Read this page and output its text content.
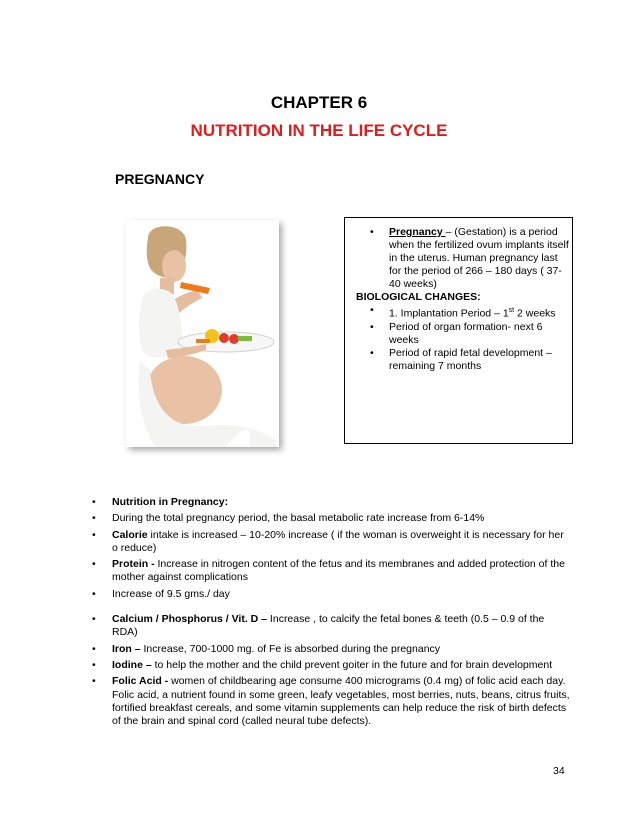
CHAPTER 6
NUTRITION IN THE LIFE CYCLE
PREGNANCY
• Pregnancy – (Gestation) is a period when the fertilized ovum implants itself in the uterus. Human pregnancy last for the period of 266 – 180 days ( 37-40 weeks)
BIOLOGICAL CHANGES:
• 1. Implantation Period – 1st 2 weeks
• Period of organ formation- next 6 weeks
• Period of rapid fetal development – remaining 7 months
• Nutrition in Pregnancy:
• During the total pregnancy period, the basal metabolic rate increase from 6-14%
• Calorie intake is increased – 10-20% increase ( if the woman is overweight it is necessary for her o reduce)
• Protein - Increase in nitrogen content of the fetus and its membranes and added protection of the mother against complications
• Increase of 9.5 gms./ day
• Calcium / Phosphorus / Vit. D – Increase , to calcify the fetal bones & teeth (0.5 – 0.9 of the RDA)
• Iron – Increase, 700-1000 mg. of Fe is absorbed during the pregnancy
• Iodine – to help the mother and the child prevent goiter in the future and for brain development
• Folic Acid - women of childbearing age consume 400 micrograms (0.4 mg) of folic acid each day. Folic acid, a nutrient found in some green, leafy vegetables, most berries, nuts, beans, citrus fruits, fortified breakfast cereals, and some vitamin supplements can help reduce the risk of birth defects of the brain and spinal cord (called neural tube defects).
34
